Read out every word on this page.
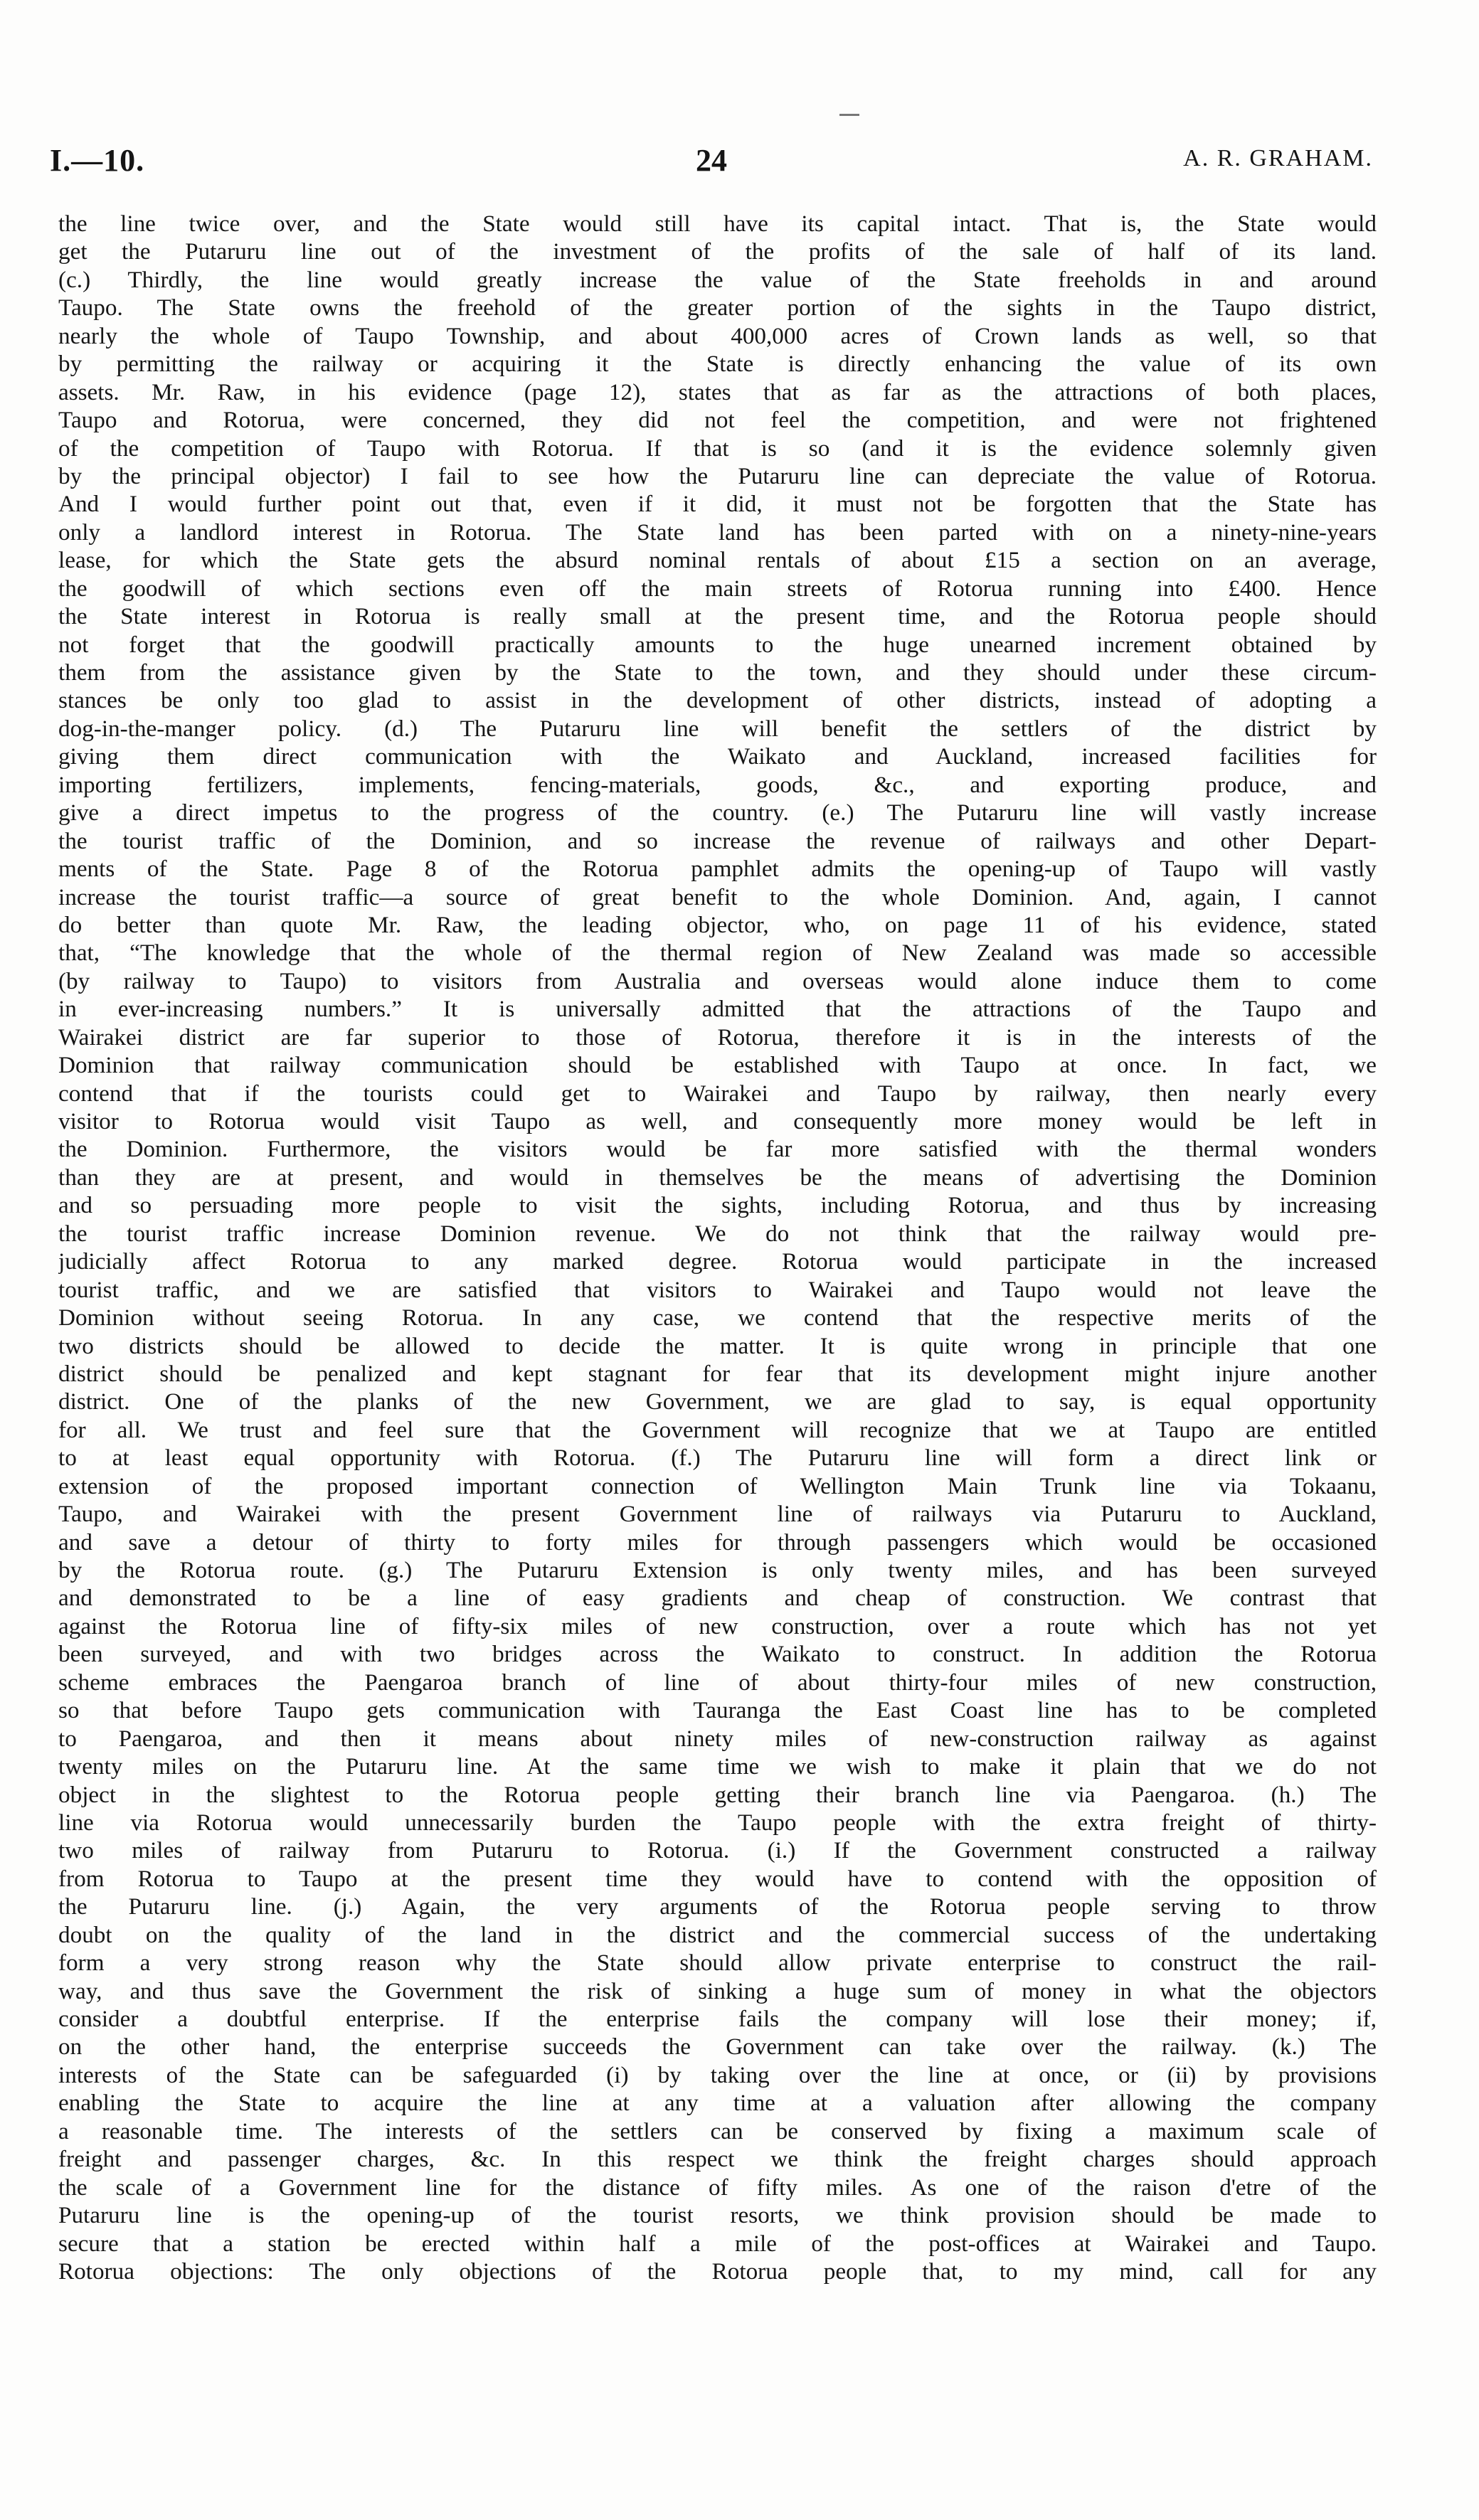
I.—10.	24	A. R. GRAHAM.
the line twice over, and the State would still have its capital intact. That is, the State would
get the Putaruru line out of the investment of the profits of the sale of half of its land.
(c.) Thirdly, the line would greatly increase the value of the State freeholds in and around
Taupo. The State owns the freehold of the greater portion of the sights in the Taupo district,
nearly the whole of Taupo Township, and about 400,000 acres of Crown lands as well, so that
by permitting the railway or acquiring it the State is directly enhancing the value of its own
assets. Mr. Raw, in his evidence (page 12), states that as far as the attractions of both places,
Taupo and Rotorua, were concerned, they did not feel the competition, and were not frightened
of the competition of Taupo with Rotorua. If that is so (and it is the evidence solemnly given
by the principal objector) I fail to see how the Putaruru line can depreciate the value of Rotorua.
And I would further point out that, even if it did, it must not be forgotten that the State has
only a landlord interest in Rotorua. The State land has been parted with on a ninety-nine-years
lease, for which the State gets the absurd nominal rentals of about £15 a section on an average,
the goodwill of which sections even off the main streets of Rotorua running into £400. Hence
the State interest in Rotorua is really small at the present time, and the Rotorua people should
not forget that the goodwill practically amounts to the huge unearned increment obtained by
them from the assistance given by the State to the town, and they should under these circum-
stances be only too glad to assist in the development of other districts, instead of adopting a
dog-in-the-manger policy. (d.) The Putaruru line will benefit the settlers of the district by
giving them direct communication with the Waikato and Auckland, increased facilities for
importing fertilizers, implements, fencing-materials, goods, &c., and exporting produce, and
give a direct impetus to the progress of the country. (e.) The Putaruru line will vastly increase
the tourist traffic of the Dominion, and so increase the revenue of railways and other Depart-
ments of the State. Page 8 of the Rotorua pamphlet admits the opening-up of Taupo will vastly
increase the tourist traffic—a source of great benefit to the whole Dominion. And, again, I cannot
do better than quote Mr. Raw, the leading objector, who, on page 11 of his evidence, stated
that, “The knowledge that the whole of the thermal region of New Zealand was made so accessible
(by railway to Taupo) to visitors from Australia and overseas would alone induce them to come
in ever-increasing numbers.” It is universally admitted that the attractions of the Taupo and
Wairakei district are far superior to those of Rotorua, therefore it is in the interests of the
Dominion that railway communication should be established with Taupo at once. In fact, we
contend that if the tourists could get to Wairakei and Taupo by railway, then nearly every
visitor to Rotorua would visit Taupo as well, and consequently more money would be left in
the Dominion. Furthermore, the visitors would be far more satisfied with the thermal wonders
than they are at present, and would in themselves be the means of advertising the Dominion
and so persuading more people to visit the sights, including Rotorua, and thus by increasing
the tourist traffic increase Dominion revenue. We do not think that the railway would pre-
judicially affect Rotorua to any marked degree. Rotorua would participate in the increased
tourist traffic, and we are satisfied that visitors to Wairakei and Taupo would not leave the
Dominion without seeing Rotorua. In any case, we contend that the respective merits of the
two districts should be allowed to decide the matter. It is quite wrong in principle that one
district should be penalized and kept stagnant for fear that its development might injure another
district. One of the planks of the new Government, we are glad to say, is equal opportunity
for all. We trust and feel sure that the Government will recognize that we at Taupo are entitled
to at least equal opportunity with Rotorua. (f.) The Putaruru line will form a direct link or
extension of the proposed important connection of Wellington Main Trunk line via Tokaanu,
Taupo, and Wairakei with the present Government line of railways via Putaruru to Auckland,
and save a detour of thirty to forty miles for through passengers which would be occasioned
by the Rotorua route. (g.) The Putaruru Extension is only twenty miles, and has been surveyed
and demonstrated to be a line of easy gradients and cheap of construction. We contrast that
against the Rotorua line of fifty-six miles of new construction, over a route which has not yet
been surveyed, and with two bridges across the Waikato to construct. In addition the Rotorua
scheme embraces the Paengaroa branch of line of about thirty-four miles of new construction,
so that before Taupo gets communication with Tauranga the East Coast line has to be completed
to Paengaroa, and then it means about ninety miles of new-construction railway as against
twenty miles on the Putaruru line. At the same time we wish to make it plain that we do not
object in the slightest to the Rotorua people getting their branch line via Paengaroa. (h.) The
line via Rotorua would unnecessarily burden the Taupo people with the extra freight of thirty-
two miles of railway from Putaruru to Rotorua. (i.) If the Government constructed a railway
from Rotorua to Taupo at the present time they would have to contend with the opposition of
the Putaruru line. (j.) Again, the very arguments of the Rotorua people serving to throw
doubt on the quality of the land in the district and the commercial success of the undertaking
form a very strong reason why the State should allow private enterprise to construct the rail-
way, and thus save the Government the risk of sinking a huge sum of money in what the objectors
consider a doubtful enterprise. If the enterprise fails the company will lose their money; if,
on the other hand, the enterprise succeeds the Government can take over the railway. (k.) The
interests of the State can be safeguarded (i) by taking over the line at once, or (ii) by provisions
enabling the State to acquire the line at any time at a valuation after allowing the company
a reasonable time. The interests of the settlers can be conserved by fixing a maximum scale of
freight and passenger charges, &c. In this respect we think the freight charges should approach
the scale of a Government line for the distance of fifty miles. As one of the raison d'etre of the
Putaruru line is the opening-up of the tourist resorts, we think provision should be made to
secure that a station be erected within half a mile of the post-offices at Wairakei and Taupo.
Rotorua objections: The only objections of the Rotorua people that, to my mind, call for any
